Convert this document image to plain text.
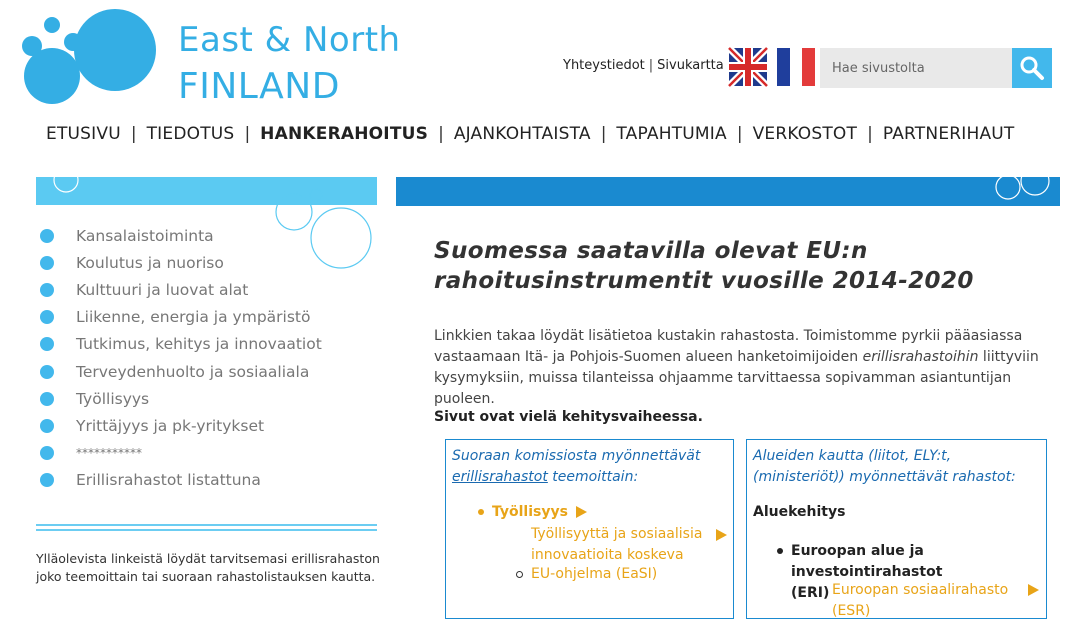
East & North
FINLAND
Yhteystiedot | Sivukartta
Hae sivustolta
ETUSIVU | TIEDOTUS | HANKERAHOITUS | AJANKOHTAISTA | TAPAHTUMIA | VERKOSTOT | PARTNERIHAUT
Kansalaistoiminta
Koulutus ja nuoriso
Kulttuuri ja luovat alat
Liikenne, energia ja ympäristö
Tutkimus, kehitys ja innovaatiot
Terveydenhuolto ja sosiaaliala
Työllisyys
Yrittäjyys ja pk-yritykset
***********
Erillisrahastot listattuna
Ylläolevista linkeistä löydät tarvitsemasi erillisrahaston joko teemoittain tai suoraan rahastolistauksen kautta.
Suomessa saatavilla olevat EU:n rahoitusinstrumentit vuosille 2014-2020

Linkkien takaa löydät lisätietoa kustakin rahastosta. Toimistomme pyrkii pääasiassa vastaamaan Itä- ja Pohjois-Suomen alueen hanketoimijoiden erillisrahastoihin liittyviin kysymyksiin, muissa tilanteissa ohjaamme tarvittaessa sopivamman asiantuntijan puoleen.

Sivut ovat vielä kehitysvaiheessa.
Suoraan komissiosta myönnettävät erillisrahastot teemoittain:
Työllisyys
Työllisyyttä ja sosiaalisia innovaatioita koskeva
EU-ohjelma (EaSI)
Alueiden kautta (liitot, ELY:t, (ministeriöt)) myönnettävät rahastot:
Aluekehitys
Euroopan alue ja investointirahastot (ERI) Euroopan sosiaalirahasto (ESR)
